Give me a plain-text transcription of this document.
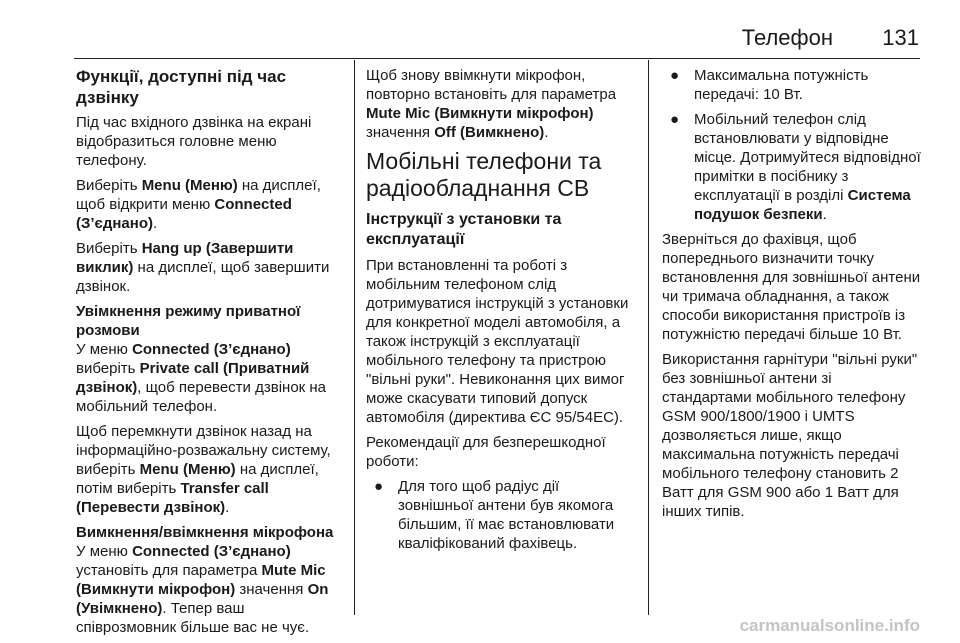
Телефон 131
Функції, доступні під час дзвінку

Під час вхідного дзвінка на екрані відобразиться головне меню телефону.

Виберіть Menu (Меню) на дисплеї, щоб відкрити меню Connected (З’єднано).

Виберіть Hang up (Завершити виклик) на дисплеї, щоб завершити дзвінок.

Увімкнення режиму приватної розмови

У меню Connected (З’єднано) виберіть Private call (Приватний дзвінок), щоб перевести дзвінок на мобільний телефон.

Щоб перемкнути дзвінок назад на інформаційно-розважальну систему, виберіть Menu (Меню) на дисплеї, потім виберіть Transfer call (Перевести дзвінок).

Вимкнення/ввімкнення мікрофона

У меню Connected (З’єднано) установіть для параметра Mute Mic (Вимкнути мікрофон) значення On (Увімкнено). Тепер ваш співрозмовник більше вас не чує.

Щоб знову ввімкнути мікрофон, повторно встановіть для параметра Mute Mic (Вимкнути мікрофон) значення Off (Вимкнено).

Мобільні телефони та радіообладнання CB
Інструкції з установки та експлуатації

При встановленні та роботі з мобільним телефоном слід дотримуватися інструкцій з установки для конкретної моделі автомобіля, а також інструкцій з експлуатації мобільного телефону та пристрою "вільні руки". Невиконання цих вимог може скасувати типовий допуск автомобіля (директива ЄС 95/54EC).

Рекомендації для безперешкодної роботи:

● Для того щоб радіус дії зовнішньої антени був якомога більшим, її має встановлювати кваліфікований фахівець.
● Максимальна потужність передачі: 10 Вт.
● Мобільний телефон слід встановлювати у відповідне місце. Дотримуйтеся відповідної примітки в посібнику з експлуатації в розділі Система подушок безпеки.

Зверніться до фахівця, щоб попереднього визначити точку встановлення для зовнішньої антени чи тримача обладнання, а також способи використання пристроїв із потужністю передачі більше 10 Вт.

Використання гарнітури "вільні руки" без зовнішньої антени зі стандартами мобільного телефону GSM 900/1800/1900 і UMTS дозволяється лише, якщо максимальна потужність передачі мобільного телефону становить 2 Ватт для GSM 900 або 1 Ватт для інших типів.

carmanualsonline.info
